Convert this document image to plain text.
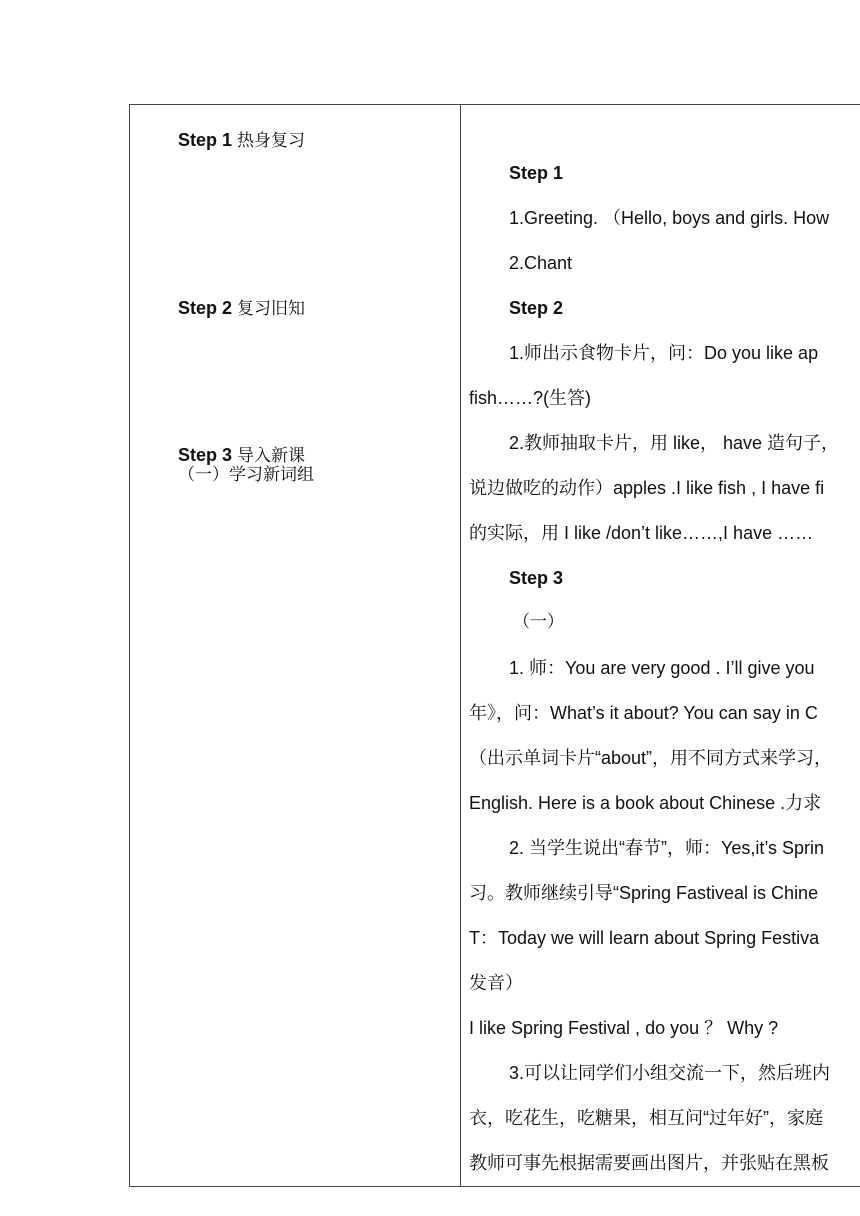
Step 1 热身复习
Step 2 复习旧知
Step 3 导入新课
（一）学习新词组
Step 1
1.Greeting. （Hello, boys and girls. How
2.Chant
Step 2
1.师出示食物卡片，问：Do you like ap
fish……?(生答)
2.教师抽取卡片，用 like， have 造句子，
说边做吃的动作）apples .I like fish , I have fi
的实际，用 I like /don’t like……,I have ……
Step 3
（一）
1. 师：You are very good . I’ll give you
年》，问：What’s it about? You can say in C
（出示单词卡片“about”，用不同方式来学习，
English. Here is a book about Chinese .力求
2. 当学生说出“春节”，师：Yes,it’s Sprin
习。教师继续引导“Spring Fastiveal is Chine
T：Today we will learn about Spring Festiva
发音）
I like Spring Festival , do you ？ Why ?
3.可以让同学们小组交流一下，然后班内
衣，吃花生，吃糖果，相互问“过年好”，家庭
教师可事先根据需要画出图片，并张贴在黑板
